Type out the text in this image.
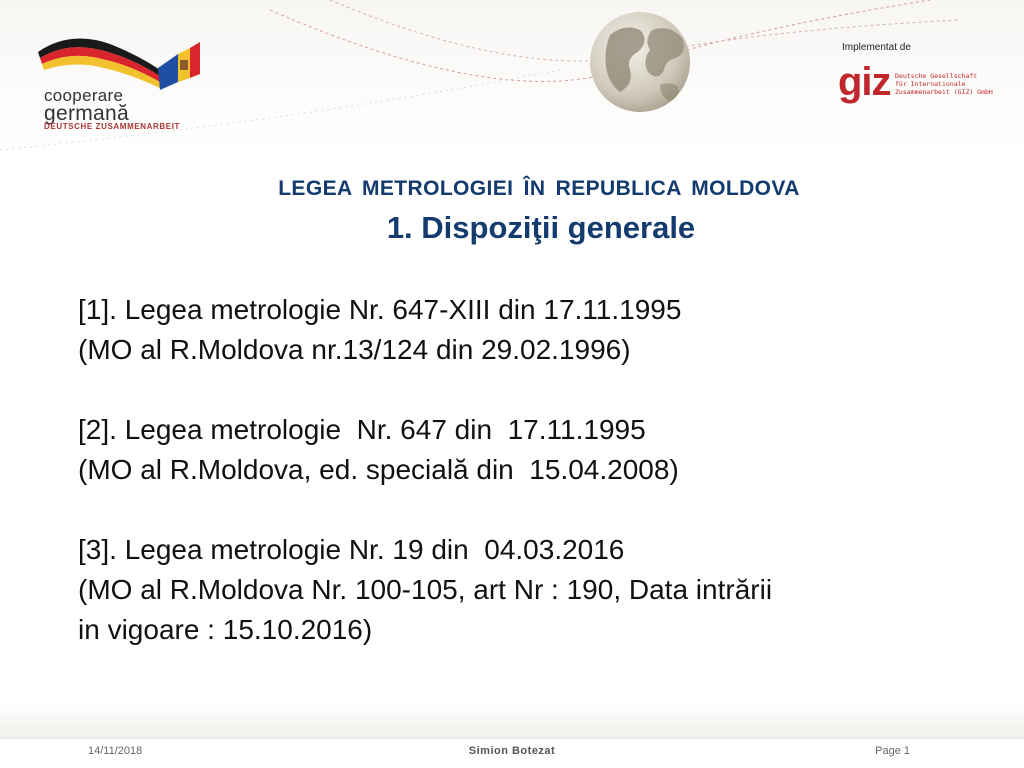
cooperare
germană
DEUTSCHE ZUSAMMENARBEIT
Implementat de
giz Deutsche Gesellschaft
für Internationale
Zusammenarbeit (GIZ) GmbH
LEGEA METROLOGIEI ÎN REPUBLICA MOLDOVA
1. Dispoziţii generale
[1]. Legea metrologie Nr. 647-XIII din 17.11.1995
(MO al R.Moldova nr.13/124 din 29.02.1996)
[2]. Legea metrologie  Nr. 647 din  17.11.1995
(MO al R.Moldova, ed. specială din  15.04.2008)
[3]. Legea metrologie Nr. 19 din  04.03.2016
(MO al R.Moldova Nr. 100-105, art Nr : 190, Data intrării
in vigoare : 15.10.2016)
14/11/2018	Simion Botezat	Page 1
